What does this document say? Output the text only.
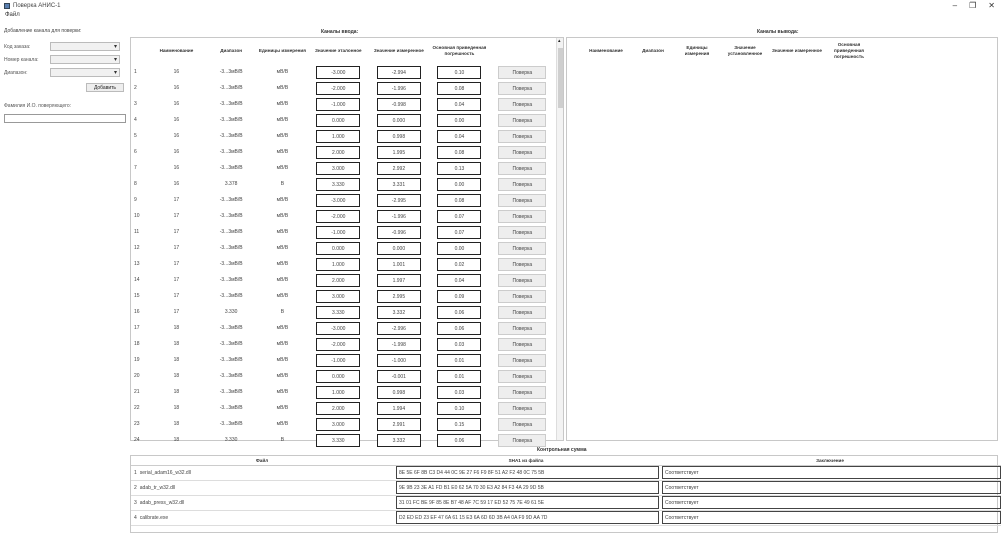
Поверка АНИС-1	– ❐ ✕
Файл
Добавление канала для поверки:
Код заказа:	▾
Номер канала:	▾
Диапазон:	▾
Добавить
Фамилия И.О. поверяющего:
Каналы ввода:
	Наименование	Диапазон	Единицы измерения	Значение эталонное	Значение измеренное	Основная приведенная погрешность	
1	16	-3...3мВ/В	мВ/В	-3.000	-2.994	0.10	Поверка
2	16	-3...3мВ/В	мВ/В	-2.000	-1.996	0.08	Поверка
3	16	-3...3мВ/В	мВ/В	-1.000	-0.998	0.04	Поверка
4	16	-3...3мВ/В	мВ/В	0.000	0.000	0.00	Поверка
5	16	-3...3мВ/В	мВ/В	1.000	0.998	0.04	Поверка
6	16	-3...3мВ/В	мВ/В	2.000	1.995	0.08	Поверка
7	16	-3...3мВ/В	мВ/В	3.000	2.992	0.13	Поверка
8	16	3.378	В	3.330	3.331	0.00	Поверка
9	17	-3...3мВ/В	мВ/В	-3.000	-2.995	0.08	Поверка
10	17	-3...3мВ/В	мВ/В	-2.000	-1.996	0.07	Поверка
11	17	-3...3мВ/В	мВ/В	-1.000	-0.996	0.07	Поверка
12	17	-3...3мВ/В	мВ/В	0.000	0.000	0.00	Поверка
13	17	-3...3мВ/В	мВ/В	1.000	1.001	0.02	Поверка
14	17	-3...3мВ/В	мВ/В	2.000	1.997	0.04	Поверка
15	17	-3...3мВ/В	мВ/В	3.000	2.995	0.09	Поверка
16	17	3.330	В	3.330	3.332	0.06	Поверка
17	18	-3...3мВ/В	мВ/В	-3.000	-2.996	0.06	Поверка
18	18	-3...3мВ/В	мВ/В	-2.000	-1.998	0.03	Поверка
19	18	-3...3мВ/В	мВ/В	-1.000	-1.000	0.01	Поверка
20	18	-3...3мВ/В	мВ/В	0.000	-0.001	0.01	Поверка
21	18	-3...3мВ/В	мВ/В	1.000	0.998	0.03	Поверка
22	18	-3...3мВ/В	мВ/В	2.000	1.994	0.10	Поверка
23	18	-3...3мВ/В	мВ/В	3.000	2.991	0.15	Поверка
24	18	3.330	В	3.330	3.332	0.06	Поверка
▴
Каналы вывода:
	Наименование	Диапазон	Единицы измерения	Значение установленное	Значение измеренное	Основная приведенная погрешность	
Контрольная сумма
Файл	SHA1 из файла	Заключение
1 serial_adam16_w32.dll	8E 5E 6F 8B C3 D4 44 0C 9E 27 F6 F9 8F 51 A2 F2 48 0C 75 5B	Соответствует

2 adab_tr_w32.dll	9E 9B 23 3E A1 FD B1 E0 62 5A 70 30 E3 A2 84 F3 4A 29 9D 5B	Соответствует

3 adab_press_w32.dll	31 01 FC BE 9F 85 8E B7 48 AF 7C 59 17 ED 52 75 7E 49 61 5E	Соответствует

4 calibrate.exe	D2 ED ED 23 EF 47 6A 61 15 E3 6A 6D 6D 3B A4 0A F9 9D AA 7D	Соответствует
